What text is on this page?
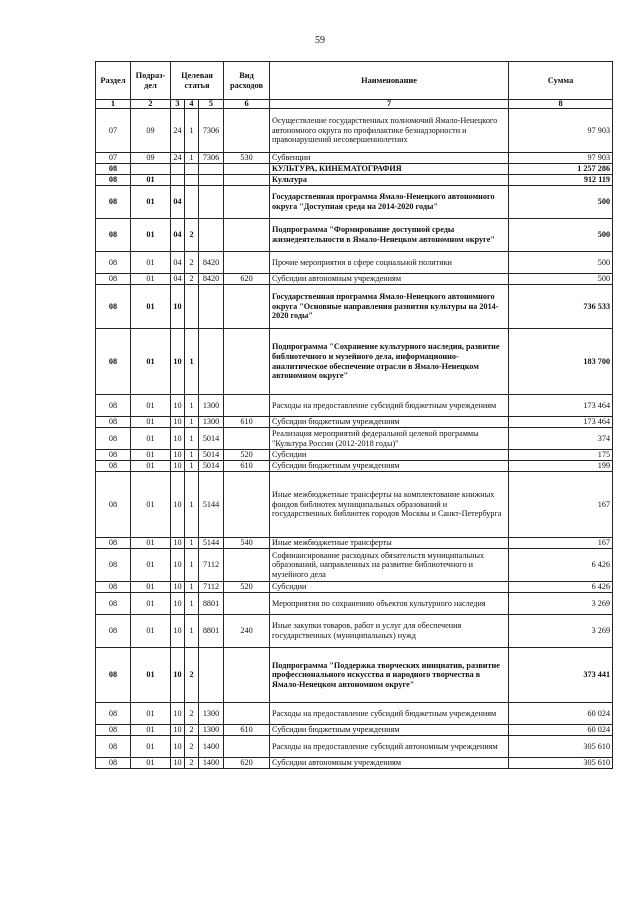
59
Раздел	Подраз-дел	Целевая статья			Вид расходов	Наименование	Сумма
1	2	3	4	5	6	7	8
07	09	24	1	7306		Осуществление государственных полномочий Ямало-Ненецкого автономного округа по профилактике безнадзорности и правонарушений несовершеннолетних	97 903
07	09	24	1	7306	530	Субвенции	97 903
08						КУЛЬТУРА, КИНЕМАТОГРАФИЯ	1 257 286
08	01					Культура	912 119
08	01	04				Государственная программа Ямало-Ненецкого автономного округа "Доступная среда на 2014-2020 годы"	500
08	01	04	2			Подпрограмма "Формирование доступной среды жизнедеятельности в Ямало-Ненецком автономном округе"	500
08	01	04	2	8420		Прочие мероприятия в сфере социальной политики	500
08	01	04	2	8420	620	Субсидии автономным учреждениям	500
08	01	10				Государственная программа Ямало-Ненецкого автономного округа "Основные направления развития культуры на 2014-2020 годы"	736 533
08	01	10	1			Подпрограмма "Сохранение культурного наследия, развитие библиотечного и музейного дела, информационно-аналитическое обеспечение отрасли в Ямало-Ненецком автономном округе"	183 700
08	01	10	1	1300		Расходы на предоставление субсидий бюджетным учреждениям	173 464
08	01	10	1	1300	610	Субсидии бюджетным учреждениям	173 464
08	01	10	1	5014		Реализация мероприятий федеральной целевой программы "Культура России (2012-2018 годы)"	374
08	01	10	1	5014	520	Субсидии	175
08	01	10	1	5014	610	Субсидии бюджетным учреждениям	199
08	01	10	1	5144		Иные межбюджетные трансферты на комплектование книжных фондов библиотек муниципальных образований и государственных библиотек городов Москвы и Санкт-Петербурга	167
08	01	10	1	5144	540	Иные межбюджетные трансферты	167
08	01	10	1	7112		Софинансирование расходных обязательств муниципальных образований, направленных на развитие библиотечного и музейного дела	6 426
08	01	10	1	7112	520	Субсидии	6 426
08	01	10	1	8801		Мероприятия по сохранению объектов культурного наследия	3 269
08	01	10	1	8801	240	Иные закупки товаров, работ и услуг для обеспечения государственных (муниципальных) нужд	3 269
08	01	10	2			Подпрограмма "Поддержка творческих инициатив, развитие профессионального искусства и народного творчества в Ямало-Ненецком автономном округе"	373 441
08	01	10	2	1300		Расходы на предоставление субсидий бюджетным учреждениям	60 024
08	01	10	2	1300	610	Субсидии бюджетным учреждениям	60 024
08	01	10	2	1400		Расходы на предоставление субсидий автономным учреждениям	305 610
08	01	10	2	1400	620	Субсидии автономным учреждениям	305 610
